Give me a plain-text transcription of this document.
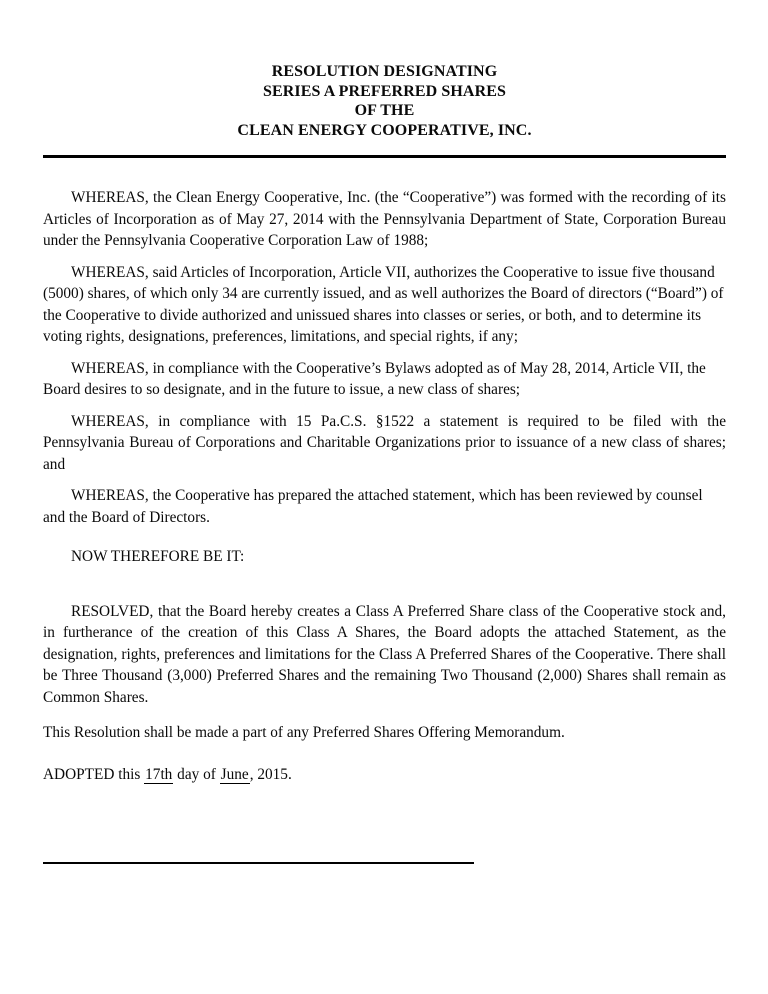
RESOLUTION DESIGNATING
SERIES A PREFERRED SHARES
OF THE
CLEAN ENERGY COOPERATIVE, INC.

WHEREAS, the Clean Energy Cooperative, Inc. (the “Cooperative”) was formed with the recording of its Articles of Incorporation as of May 27, 2014 with the Pennsylvania Department of State, Corporation Bureau under the Pennsylvania Cooperative Corporation Law of 1988;

WHEREAS, said Articles of Incorporation, Article VII, authorizes the Cooperative to issue five thousand (5000) shares, of which only 34 are currently issued, and as well authorizes the Board of directors (“Board”) of the Cooperative to divide authorized and unissued shares into classes or series, or both, and to determine its voting rights, designations, preferences, limitations, and special rights, if any;

WHEREAS, in compliance with the Cooperative’s Bylaws adopted as of May 28, 2014, Article VII, the Board desires to so designate, and in the future to issue, a new class of shares;

WHEREAS, in compliance with 15 Pa.C.S. §1522 a statement is required to be filed with the Pennsylvania Bureau of Corporations and Charitable Organizations prior to issuance of a new class of shares; and

WHEREAS, the Cooperative has prepared the attached statement, which has been reviewed by counsel and the Board of Directors.

NOW THEREFORE BE IT:

RESOLVED, that the Board hereby creates a Class A Preferred Share class of the Cooperative stock and, in furtherance of the creation of this Class A Shares, the Board adopts the attached Statement, as the designation, rights, preferences and limitations for the Class A Preferred Shares of the Cooperative. There shall be Three Thousand (3,000) Preferred Shares and the remaining Two Thousand (2,000) Shares shall remain as Common Shares.

This Resolution shall be made a part of any Preferred Shares Offering Memorandum.

ADOPTED this 17th day of June, 2015.
